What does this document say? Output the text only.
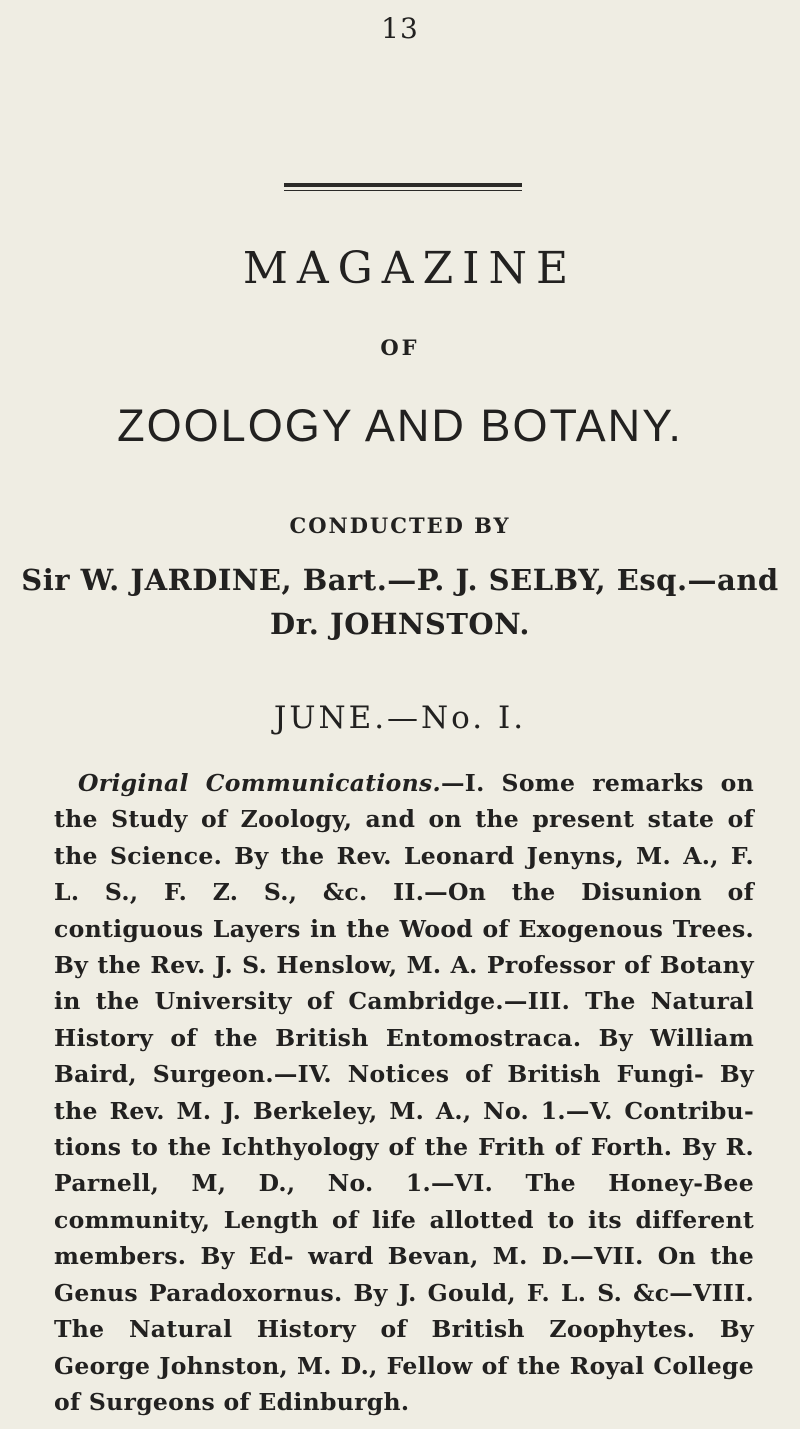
13
MAGAZINE
OF
ZOOLOGY AND BOTANY.
CONDUCTED BY
Sir W. JARDINE, Bart.—P. J. SELBY, Esq.—and
Dr. JOHNSTON.
JUNE.—No. I.

Original Communications.—I. Some remarks on the Study of Zoology, and on the present state of the Science. By the Rev. Leonard Jenyns, M. A., F. L. S., F. Z. S., &c. II.—On the Disunion of contiguous Layers in the Wood of Exogenous Trees. By the Rev. J. S. Henslow, M. A. Professor of Botany in the University of Cambridge.—III. The Natural History of the British Entomostraca. By William Baird, Surgeon.—IV. Notices of British Fungi- By the Rev. M. J. Berkeley, M. A., No. 1.—V. Contribu- tions to the Ichthyology of the Frith of Forth. By R. Parnell, M, D., No. 1.—VI. The Honey-Bee community, Length of life allotted to its different members. By Ed- ward Bevan, M. D.—VII. On the Genus Paradoxornus. By J. Gould, F. L. S. &c—VIII. The Natural History of British Zoophytes. By George Johnston, M. D., Fellow of the Royal College of Surgeons of Edinburgh.
